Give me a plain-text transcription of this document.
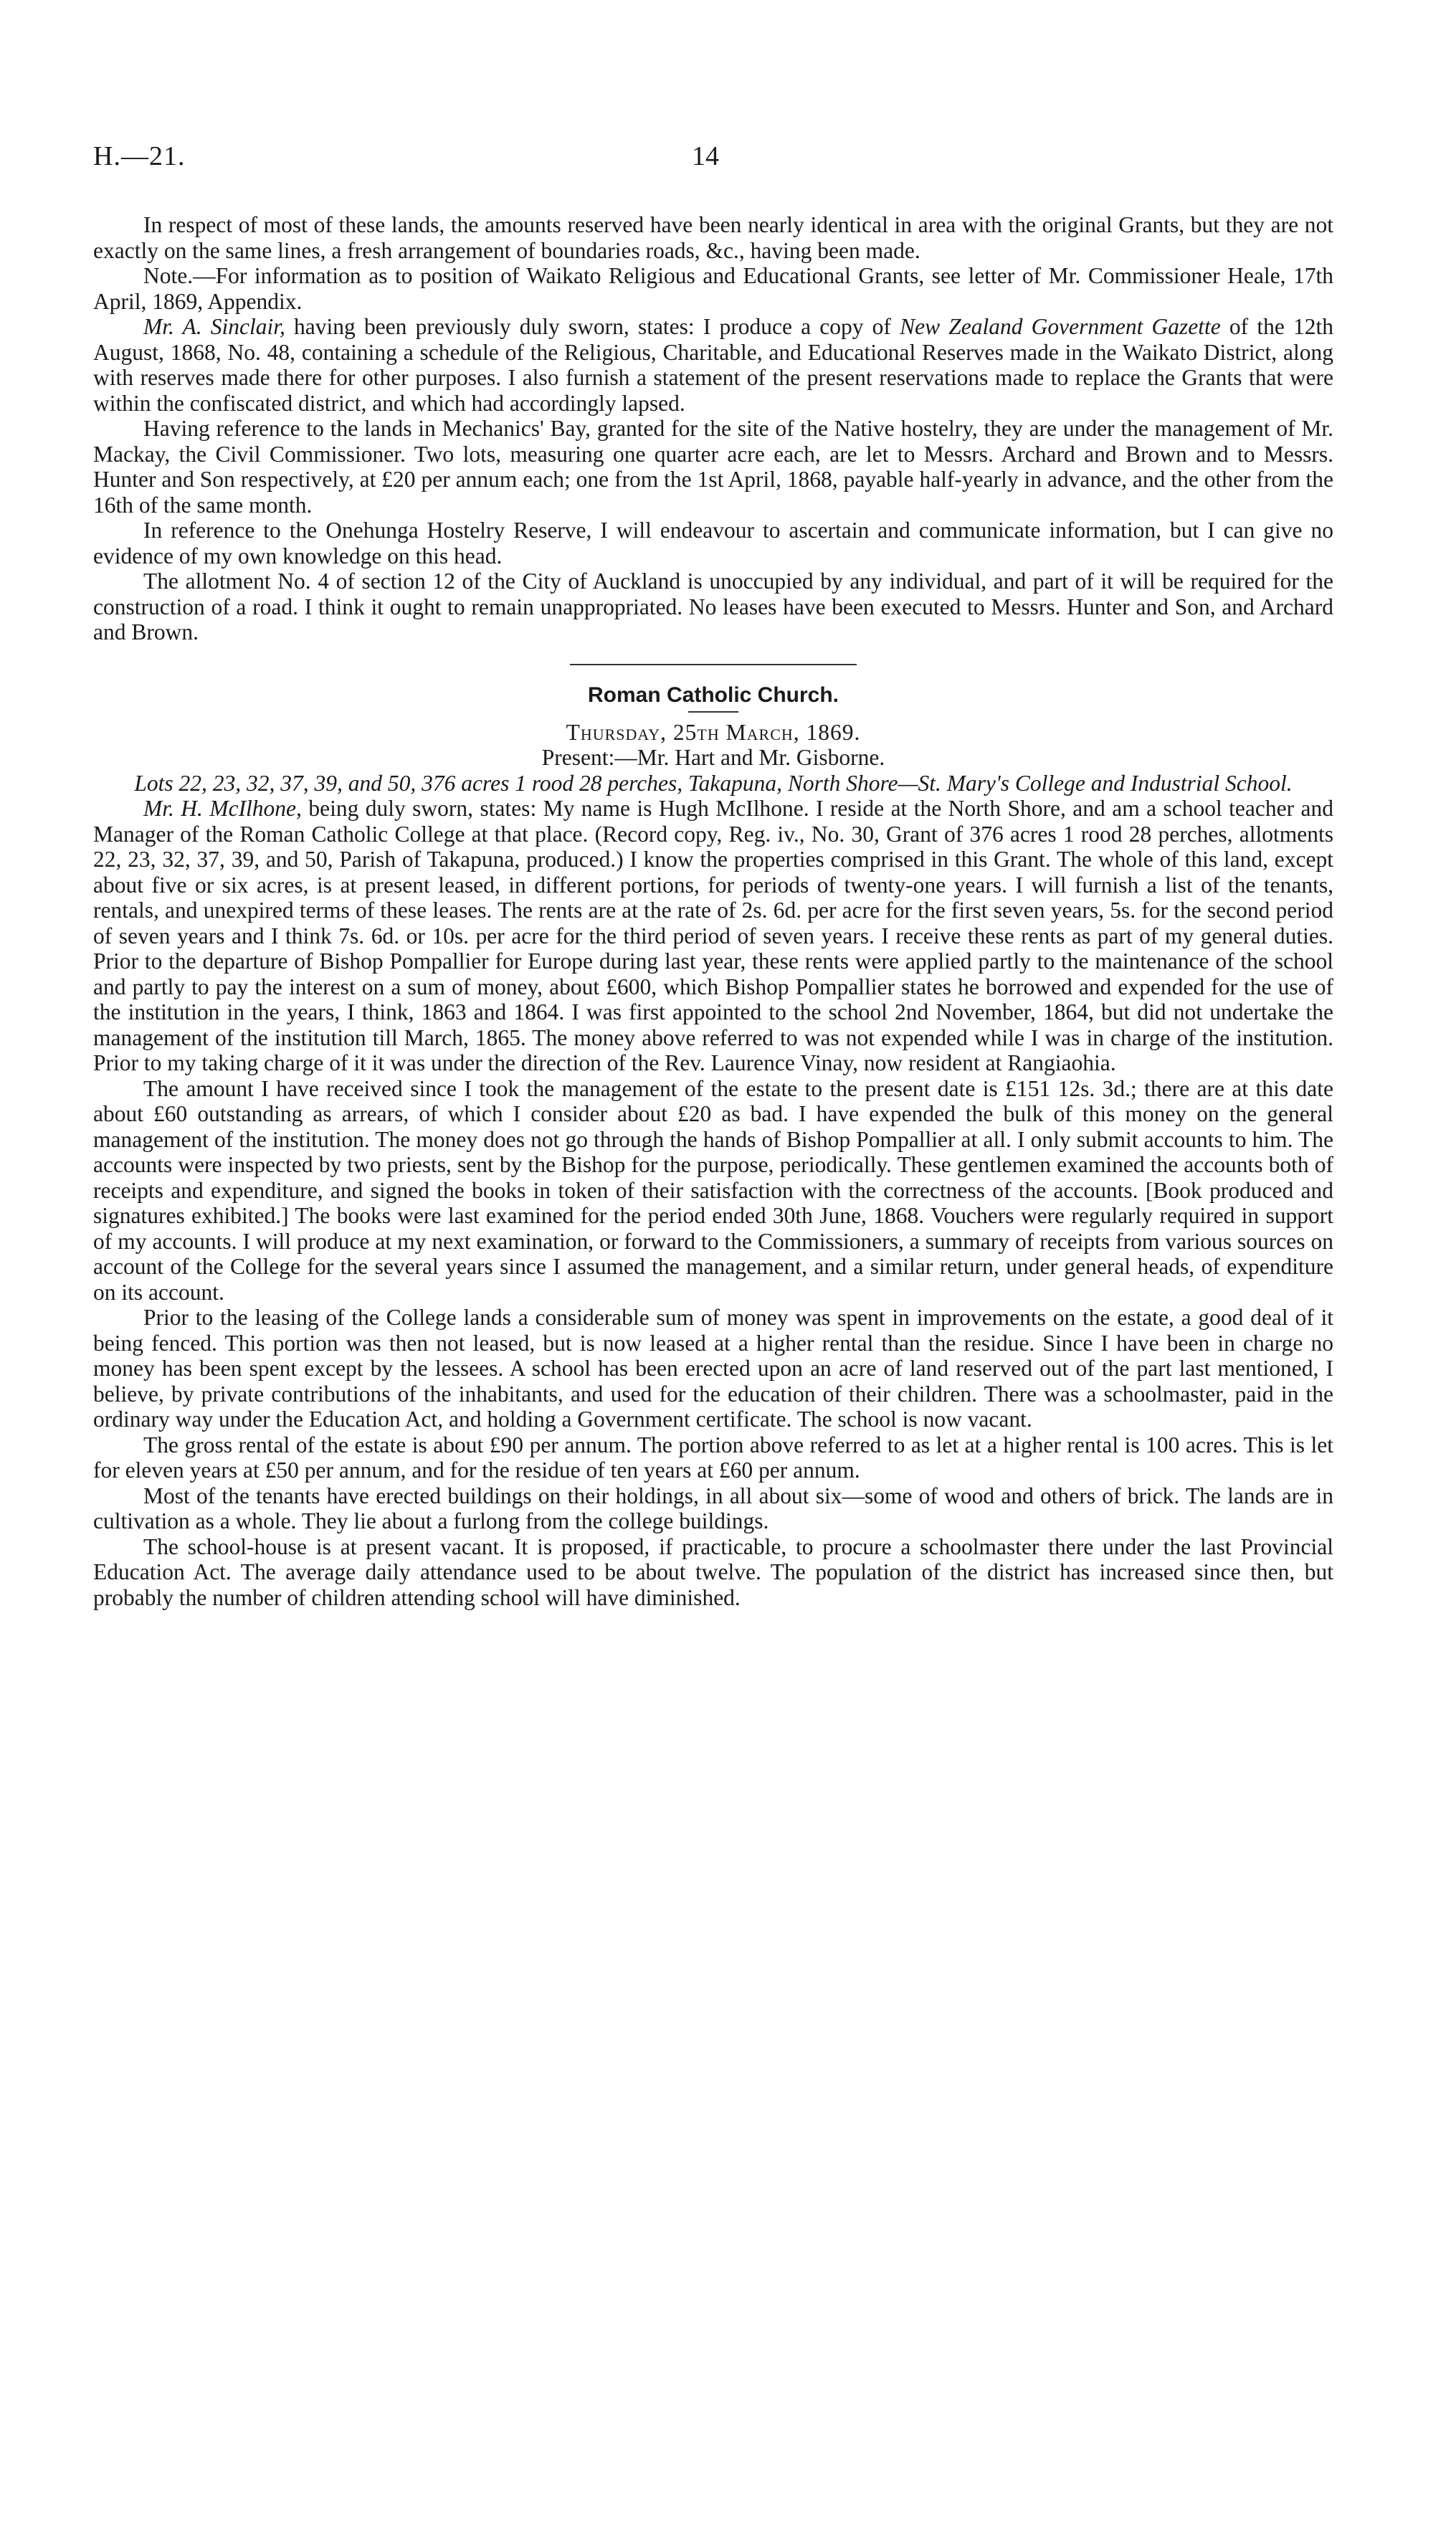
H.—21.	14

In respect of most of these lands, the amounts reserved have been nearly identical in area with the original Grants, but they are not exactly on the same lines, a fresh arrangement of boundaries roads, &c., having been made.

Note.—For information as to position of Waikato Religious and Educational Grants, see letter of Mr. Commissioner Heale, 17th April, 1869, Appendix.

Mr. A. Sinclair, having been previously duly sworn, states: I produce a copy of New Zealand Government Gazette of the 12th August, 1868, No. 48, containing a schedule of the Religious, Charitable, and Educational Reserves made in the Waikato District, along with reserves made there for other purposes. I also furnish a statement of the present reservations made to replace the Grants that were within the confiscated district, and which had accordingly lapsed.

Having reference to the lands in Mechanics' Bay, granted for the site of the Native hostelry, they are under the management of Mr. Mackay, the Civil Commissioner. Two lots, measuring one quarter acre each, are let to Messrs. Archard and Brown and to Messrs. Hunter and Son respectively, at £20 per annum each; one from the 1st April, 1868, payable half-yearly in advance, and the other from the 16th of the same month.

In reference to the Onehunga Hostelry Reserve, I will endeavour to ascertain and communicate information, but I can give no evidence of my own knowledge on this head.

The allotment No. 4 of section 12 of the City of Auckland is unoccupied by any individual, and part of it will be required for the construction of a road. I think it ought to remain unappropriated. No leases have been executed to Messrs. Hunter and Son, and Archard and Brown.

Roman Catholic Church.

Thursday, 25th March, 1869.

Present:—Mr. Hart and Mr. Gisborne.

Lots 22, 23, 32, 37, 39, and 50, 376 acres 1 rood 28 perches, Takapuna, North Shore—St. Mary's College and Industrial School.

Mr. H. McIlhone, being duly sworn, states: My name is Hugh McIlhone. I reside at the North Shore, and am a school teacher and Manager of the Roman Catholic College at that place. (Record copy, Reg. iv., No. 30, Grant of 376 acres 1 rood 28 perches, allotments 22, 23, 32, 37, 39, and 50, Parish of Takapuna, produced.) I know the properties comprised in this Grant. The whole of this land, except about five or six acres, is at present leased, in different portions, for periods of twenty-one years. I will furnish a list of the tenants, rentals, and unexpired terms of these leases. The rents are at the rate of 2s. 6d. per acre for the first seven years, 5s. for the second period of seven years and I think 7s. 6d. or 10s. per acre for the third period of seven years. I receive these rents as part of my general duties. Prior to the departure of Bishop Pompallier for Europe during last year, these rents were applied partly to the maintenance of the school and partly to pay the interest on a sum of money, about £600, which Bishop Pompallier states he borrowed and expended for the use of the institution in the years, I think, 1863 and 1864. I was first appointed to the school 2nd November, 1864, but did not undertake the management of the institution till March, 1865. The money above referred to was not expended while I was in charge of the institution. Prior to my taking charge of it it was under the direction of the Rev. Laurence Vinay, now resident at Rangiaohia.

The amount I have received since I took the management of the estate to the present date is £151 12s. 3d.; there are at this date about £60 outstanding as arrears, of which I consider about £20 as bad. I have expended the bulk of this money on the general management of the institution. The money does not go through the hands of Bishop Pompallier at all. I only submit accounts to him. The accounts were inspected by two priests, sent by the Bishop for the purpose, periodically. These gentlemen examined the accounts both of receipts and expenditure, and signed the books in token of their satisfaction with the correctness of the accounts. [Book produced and signatures exhibited.] The books were last examined for the period ended 30th June, 1868. Vouchers were regularly required in support of my accounts. I will produce at my next examination, or forward to the Commissioners, a summary of receipts from various sources on account of the College for the several years since I assumed the management, and a similar return, under general heads, of expenditure on its account.

Prior to the leasing of the College lands a considerable sum of money was spent in improvements on the estate, a good deal of it being fenced. This portion was then not leased, but is now leased at a higher rental than the residue. Since I have been in charge no money has been spent except by the lessees. A school has been erected upon an acre of land reserved out of the part last mentioned, I believe, by private contributions of the inhabitants, and used for the education of their children. There was a schoolmaster, paid in the ordinary way under the Education Act, and holding a Government certificate. The school is now vacant.

The gross rental of the estate is about £90 per annum. The portion above referred to as let at a higher rental is 100 acres. This is let for eleven years at £50 per annum, and for the residue of ten years at £60 per annum.

Most of the tenants have erected buildings on their holdings, in all about six—some of wood and others of brick. The lands are in cultivation as a whole. They lie about a furlong from the college buildings.

The school-house is at present vacant. It is proposed, if practicable, to procure a schoolmaster there under the last Provincial Education Act. The average daily attendance used to be about twelve. The population of the district has increased since then, but probably the number of children attending school will have diminished.
